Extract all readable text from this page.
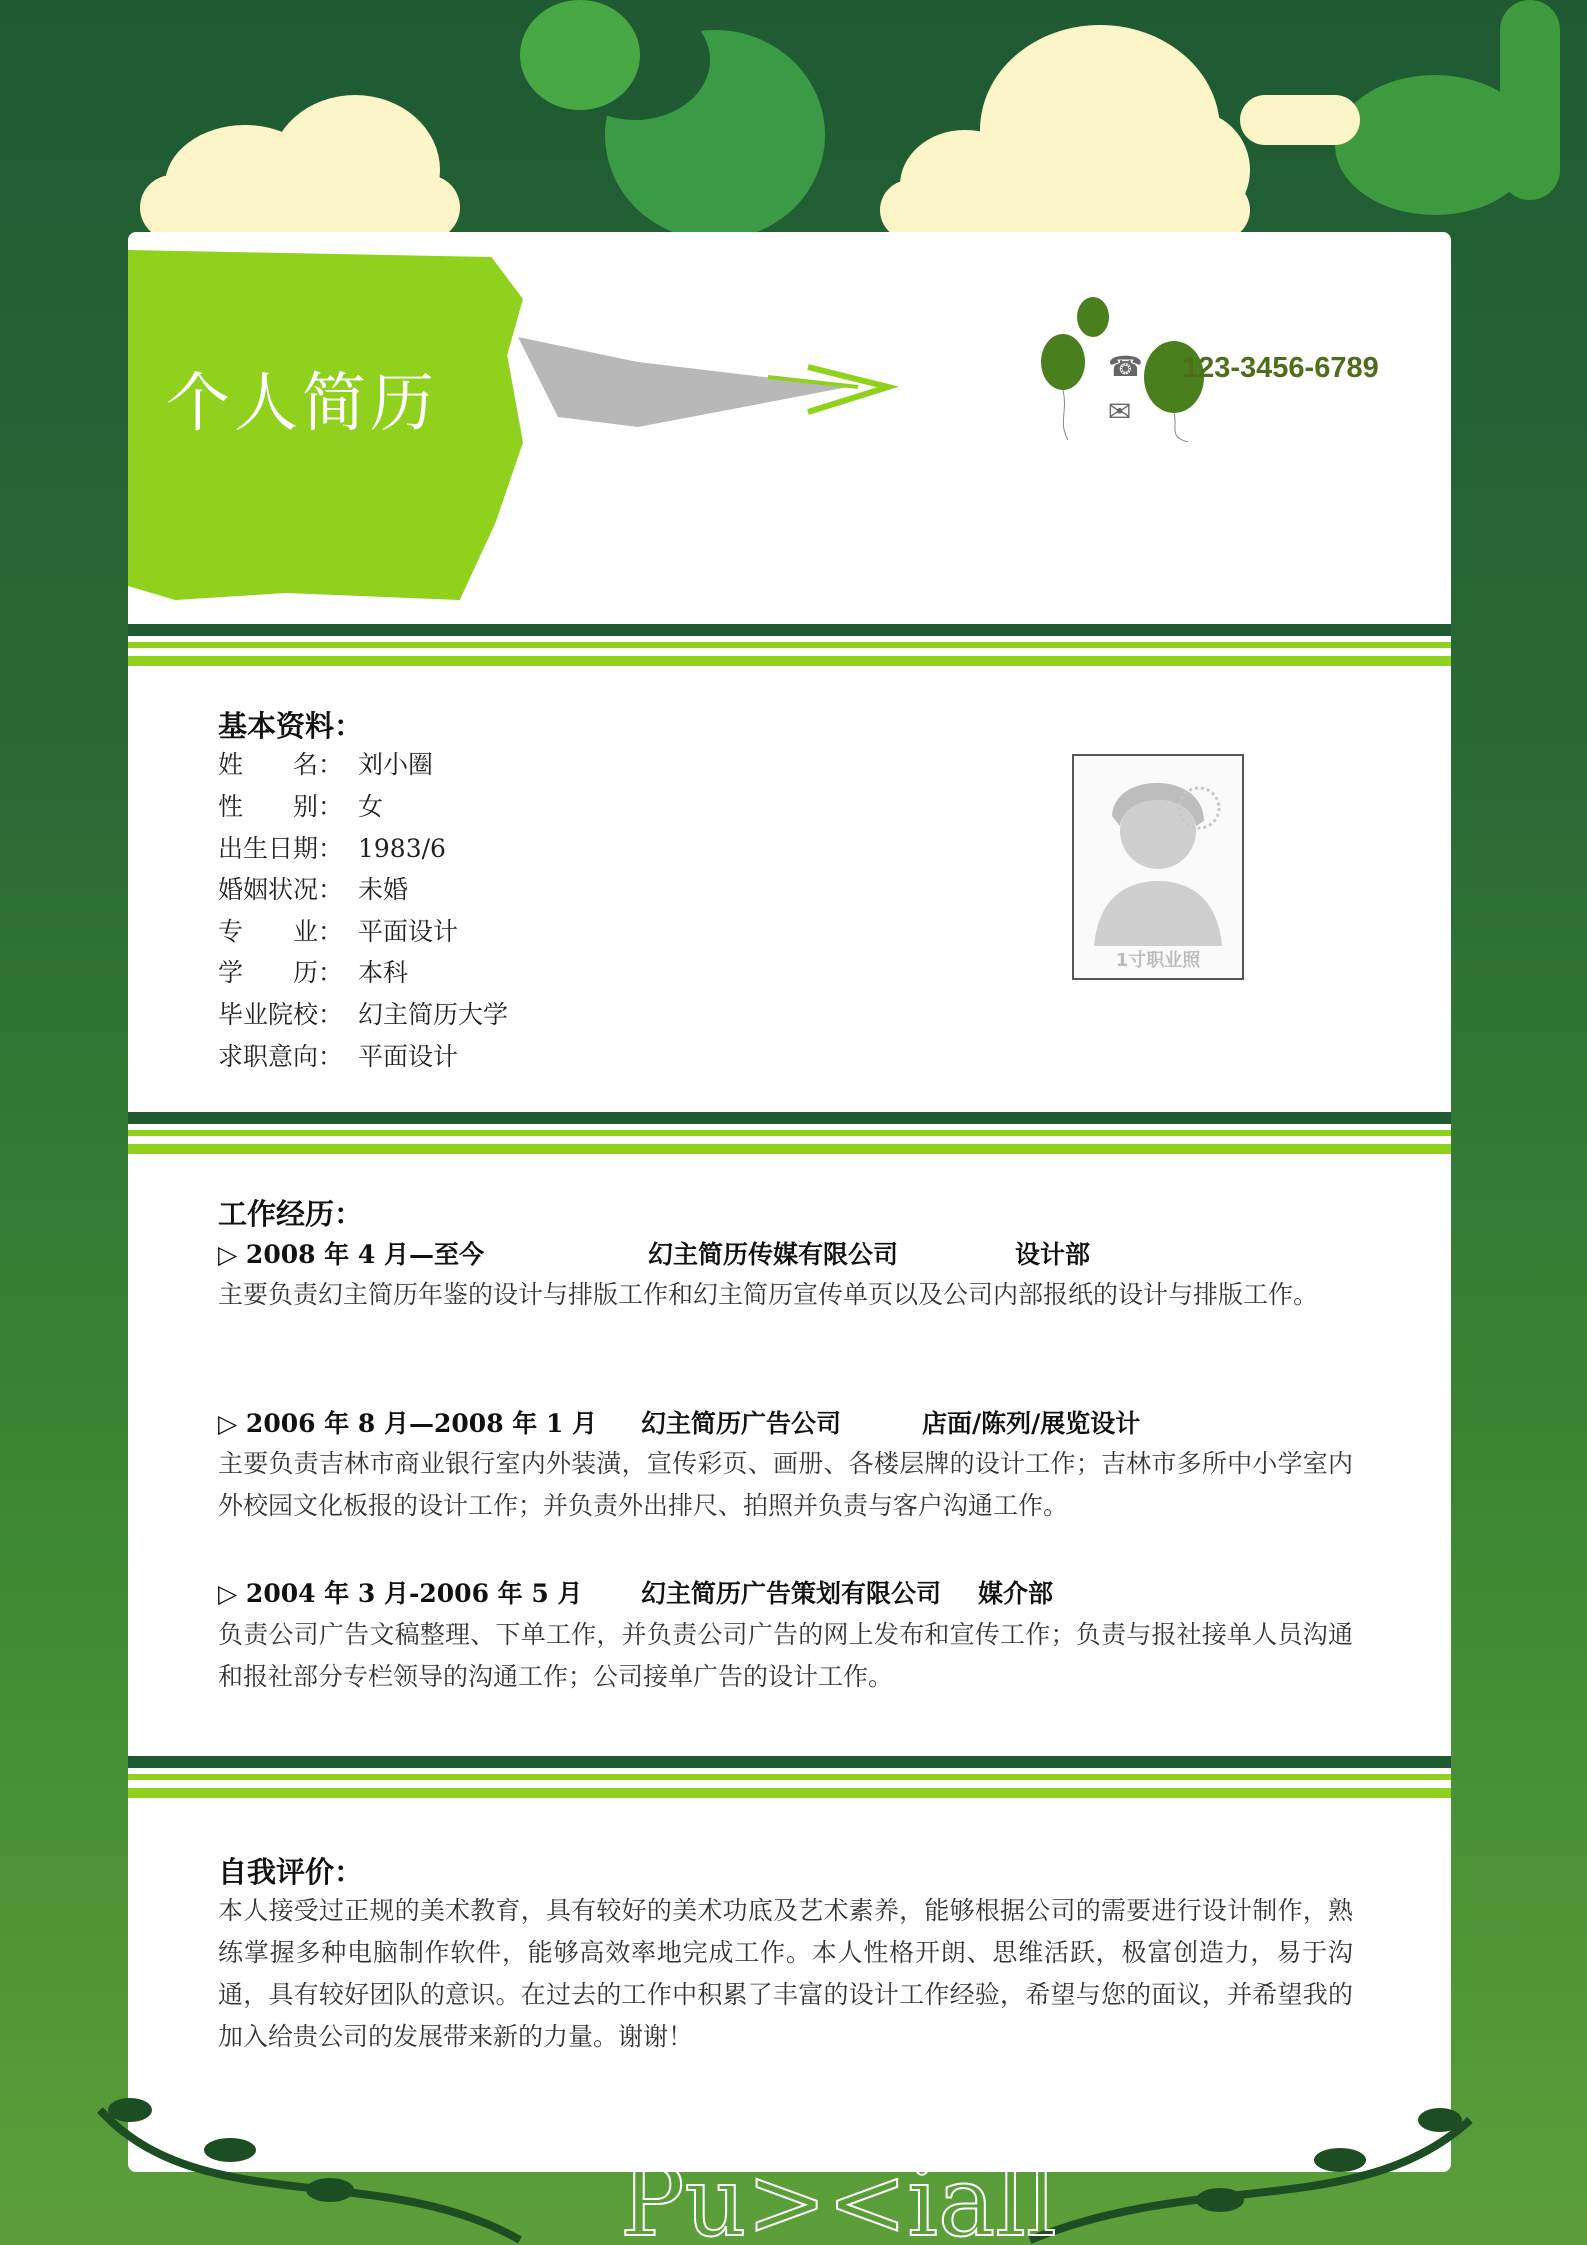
个人简历
☎ 123-3456-6789
✉
基本资料：
姓　　名： 刘小圈
性　　别： 女
出生日期： 1983/6
婚姻状况： 未婚
专　　业： 平面设计
学　　历： 本科
毕业院校： 幻主简历大学
求职意向： 平面设计
1寸职业照
工作经历：
▷ 2008 年 4 月—至今	幻主简历传媒有限公司	设计部
主要负责幻主简历年鉴的设计与排版工作和幻主简历宣传单页以及公司内部报纸的设计与排版工作。
▷ 2006 年 8 月—2008 年 1 月 幻主简历广告公司	店面/陈列/展览设计
主要负责吉林市商业银行室内外装潢，宣传彩页、画册、各楼层牌的设计工作；吉林市多所中小学室内外校园文化板报的设计工作；并负责外出排尺、拍照并负责与客户沟通工作。
▷ 2004 年 3 月-2006 年 5 月 幻主简历广告策划有限公司 媒介部
负责公司广告文稿整理、下单工作，并负责公司广告的网上发布和宣传工作；负责与报社接单人员沟通和报社部分专栏领导的沟通工作；公司接单广告的设计工作。
自我评价：
本人接受过正规的美术教育，具有较好的美术功底及艺术素养，能够根据公司的需要进行设计制作，熟练掌握多种电脑制作软件，能够高效率地完成工作。本人性格开朗、思维活跃，极富创造力，易于沟通，具有较好团队的意识。在过去的工作中积累了丰富的设计工作经验，希望与您的面议，并希望我的加入给贵公司的发展带来新的力量。谢谢！
Pu><iall
